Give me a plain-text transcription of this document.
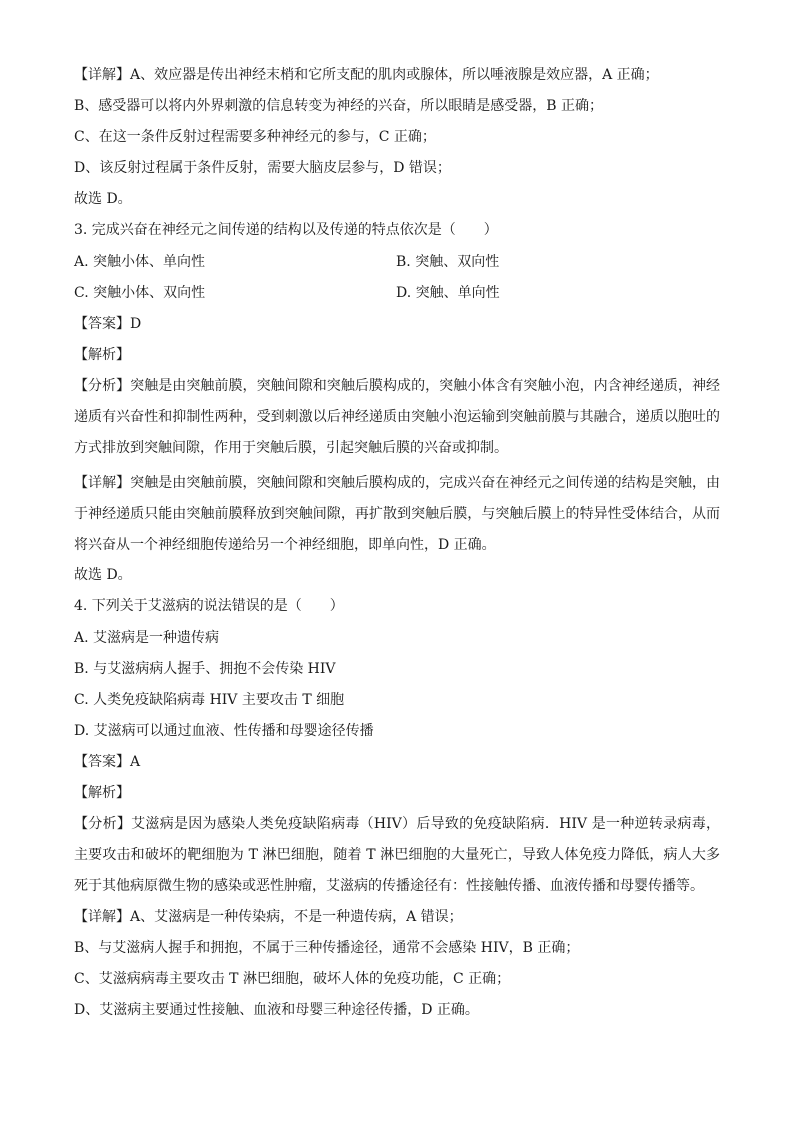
【详解】A、效应器是传出神经末梢和它所支配的肌肉或腺体，所以唾液腺是效应器，A 正确；
B、感受器可以将内外界刺激的信息转变为神经的兴奋，所以眼睛是感受器，B 正确；
C、在这一条件反射过程需要多种神经元的参与，C 正确；
D、该反射过程属于条件反射，需要大脑皮层参与，D 错误；
故选 D。
3. 完成兴奋在神经元之间传递的结构以及传递的特点依次是（　　）
A. 突触小体、单向性	B. 突触、双向性
C. 突触小体、双向性	D. 突触、单向性
【答案】D
【解析】
【分析】突触是由突触前膜，突触间隙和突触后膜构成的，突触小体含有突触小泡，内含神经递质，神经递质有兴奋性和抑制性两种，受到刺激以后神经递质由突触小泡运输到突触前膜与其融合，递质以胞吐的方式排放到突触间隙，作用于突触后膜，引起突触后膜的兴奋或抑制。
【详解】突触是由突触前膜，突触间隙和突触后膜构成的，完成兴奋在神经元之间传递的结构是突触，由于神经递质只能由突触前膜释放到突触间隙，再扩散到突触后膜，与突触后膜上的特异性受体结合，从而将兴奋从一个神经细胞传递给另一个神经细胞，即单向性，D 正确。
故选 D。
4. 下列关于艾滋病的说法错误的是（　　）
A. 艾滋病是一种遗传病
B. 与艾滋病病人握手、拥抱不会传染 HIV
C. 人类免疫缺陷病毒 HIV 主要攻击 T 细胞
D. 艾滋病可以通过血液、性传播和母婴途径传播
【答案】A
【解析】
【分析】艾滋病是因为感染人类免疫缺陷病毒（HIV）后导致的免疫缺陷病．HIV 是一种逆转录病毒，主要攻击和破坏的靶细胞为 T 淋巴细胞，随着 T 淋巴细胞的大量死亡，导致人体免疫力降低，病人大多死于其他病原微生物的感染或恶性肿瘤，艾滋病的传播途径有：性接触传播、血液传播和母婴传播等。
【详解】A、艾滋病是一种传染病，不是一种遗传病，A 错误；
B、与艾滋病人握手和拥抱，不属于三种传播途径，通常不会感染 HIV，B 正确；
C、艾滋病病毒主要攻击 T 淋巴细胞，破坏人体的免疫功能，C 正确；
D、艾滋病主要通过性接触、血液和母婴三种途径传播，D 正确。
